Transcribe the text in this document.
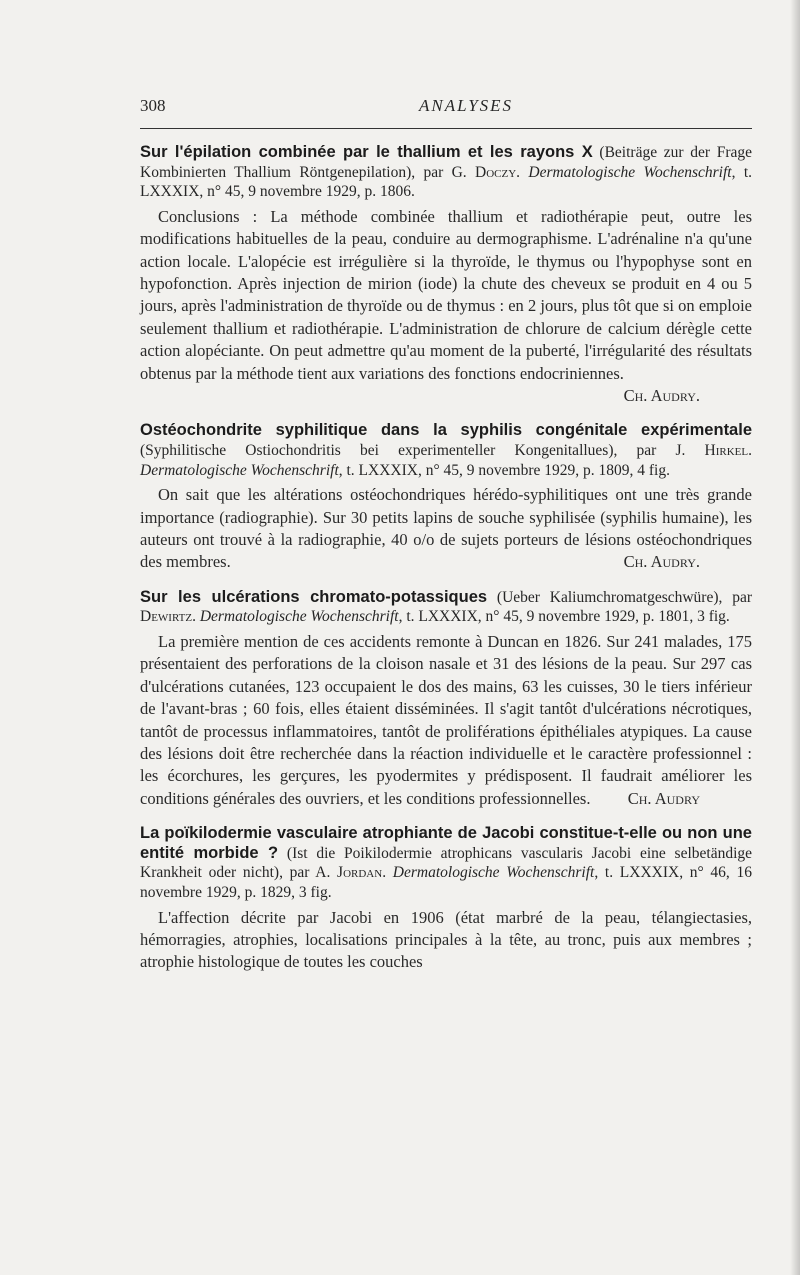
308	ANALYSES

Sur l'épilation combinée par le thallium et les rayons X (Beiträge zur der Frage Kombinierten Thallium Röntgenepilation), par G. Doczy. Dermatologische Wochenschrift, t. LXXXIX, n° 45, 9 novembre 1929, p. 1806.

Conclusions : La méthode combinée thallium et radiothérapie peut, outre les modifications habituelles de la peau, conduire au dermographisme. L'adrénaline n'a qu'une action locale. L'alopécie est irrégulière si la thyroïde, le thymus ou l'hypophyse sont en hypofonction. Après injection de mirion (iode) la chute des cheveux se produit en 4 ou 5 jours, après l'administration de thyroïde ou de thymus : en 2 jours, plus tôt que si on emploie seulement thallium et radiothérapie. L'administration de chlorure de calcium dérègle cette action alopéciante. On peut admettre qu'au moment de la puberté, l'irrégularité des résultats obtenus par la méthode tient aux variations des fonctions endocriniennes.
Ch. Audry.

Ostéochondrite syphilitique dans la syphilis congénitale expérimentale (Syphilitische Ostiochondritis bei experimenteller Kongenitallues), par J. Hirkel. Dermatologische Wochenschrift, t. LXXXIX, n° 45, 9 novembre 1929, p. 1809, 4 fig.

On sait que les altérations ostéochondriques hérédo-syphilitiques ont une très grande importance (radiographie). Sur 30 petits lapins de souche syphilisée (syphilis humaine), les auteurs ont trouvé à la radiographie, 40 o/o de sujets porteurs de lésions ostéochondriques des membres.	Ch. Audry.

Sur les ulcérations chromato-potassiques (Ueber Kaliumchromatgeschwüre), par Dewirtz. Dermatologische Wochenschrift, t. LXXXIX, n° 45, 9 novembre 1929, p. 1801, 3 fig.

La première mention de ces accidents remonte à Duncan en 1826. Sur 241 malades, 175 présentaient des perforations de la cloison nasale et 31 des lésions de la peau. Sur 297 cas d'ulcérations cutanées, 123 occupaient le dos des mains, 63 les cuisses, 30 le tiers inférieur de l'avant-bras ; 60 fois, elles étaient disséminées. Il s'agit tantôt d'ulcérations nécrotiques, tantôt de processus inflammatoires, tantôt de proliférations épithéliales atypiques. La cause des lésions doit être recherchée dans la réaction individuelle et le caractère professionnel : les écorchures, les gerçures, les pyodermites y prédisposent. Il faudrait améliorer les conditions générales des ouvriers, et les conditions professionnelles.	Ch. Audry

La poïkilodermie vasculaire atrophiante de Jacobi constitue-t-elle ou non une entité morbide ? (Ist die Poikilodermie atrophicans vascularis Jacobi eine selbetändige Krankheit oder nicht), par A. Jordan. Dermatologische Wochenschrift, t. LXXXIX, n° 46, 16 novembre 1929, p. 1829, 3 fig.

L'affection décrite par Jacobi en 1906 (état marbré de la peau, télangiectasies, hémorragies, atrophies, localisations principales à la tête, au tronc, puis aux membres ; atrophie histologique de toutes les couches
